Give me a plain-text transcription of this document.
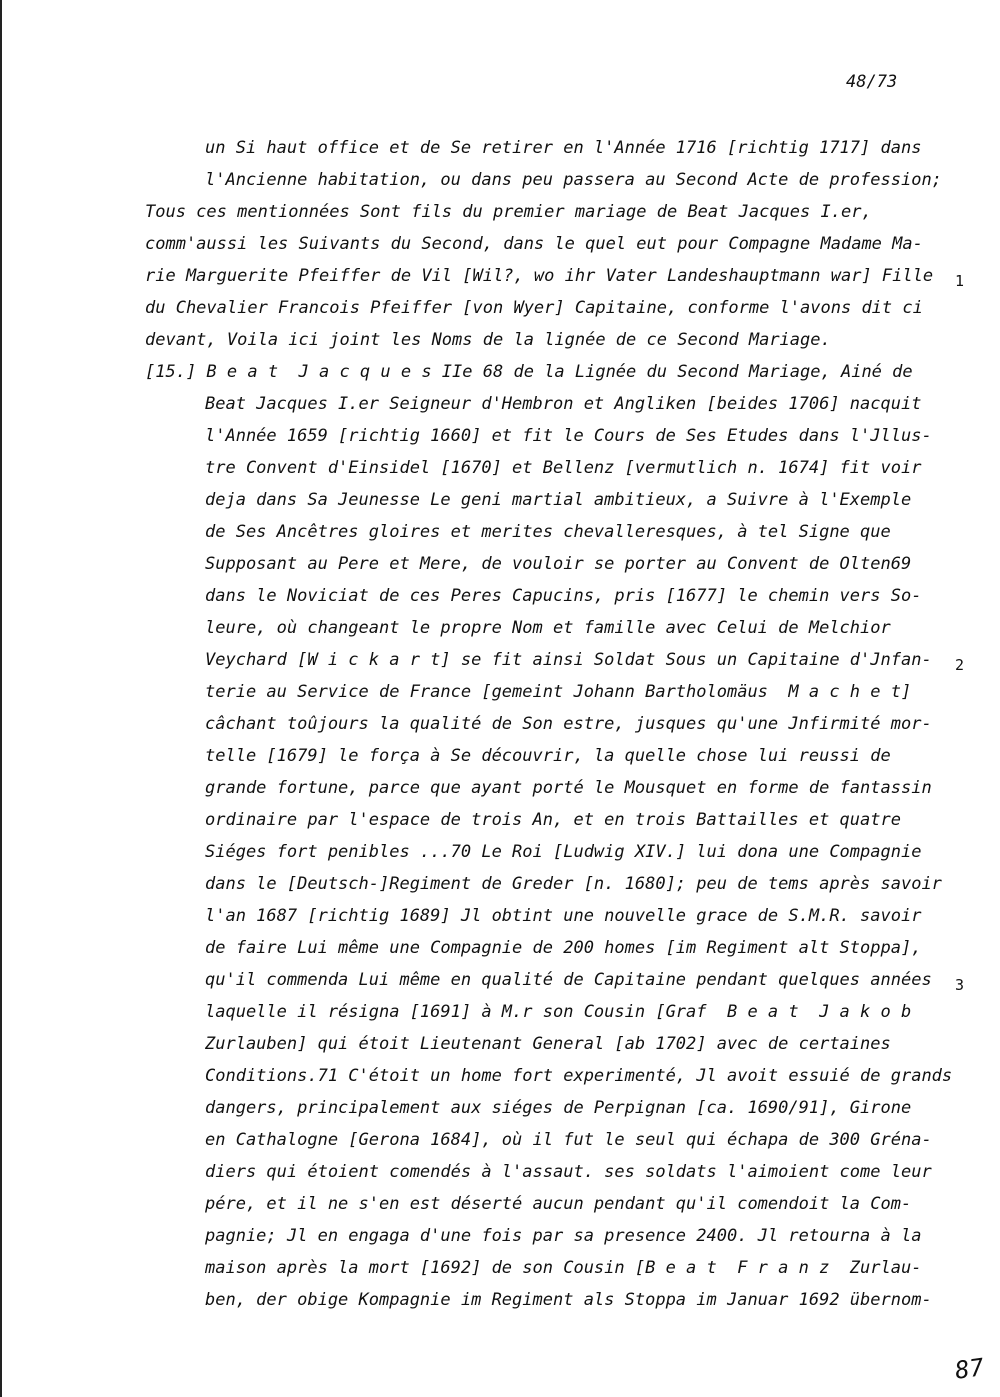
48/73
un Si haut office et de Se retirer en l'Année 1716 [richtig 1717] dans
l'Ancienne habitation, ou dans peu passera au Second Acte de profession;
Tous ces mentionnées Sont fils du premier mariage de Beat Jacques I.er,
comm'aussi les Suivants du Second, dans le quel eut pour Compagne Madame Ma-
rie Marguerite Pfeiffer de Vil [Wil?, wo ihr Vater Landeshauptmann war] Fille
du Chevalier Francois Pfeiffer [von Wyer] Capitaine, conforme l'avons dit ci
devant, Voila ici joint les Noms de la lignée de ce Second Mariage.
[15.] B e a t  J a c q u e s IIe 68 de la Lignée du Second Mariage, Ainé de
Beat Jacques I.er Seigneur d'Hembron et Angliken [beides 1706] nacquit
l'Année 1659 [richtig 1660] et fit le Cours de Ses Etudes dans l'Jllus-
tre Convent d'Einsidel [1670] et Bellenz [vermutlich n. 1674] fit voir
deja dans Sa Jeunesse Le geni martial ambitieux, a Suivre à l'Exemple
de Ses Ancêtres gloires et merites chevalleresques, à tel Signe que
Supposant au Pere et Mere, de vouloir se porter au Convent de Olten69
dans le Noviciat de ces Peres Capucins, pris [1677] le chemin vers So-
leure, où changeant le propre Nom et famille avec Celui de Melchior
Veychard [W i c k a r t] se fit ainsi Soldat Sous un Capitaine d'Jnfan-
terie au Service de France [gemeint Johann Bartholomäus  M a c h e t]
câchant toûjours la qualité de Son estre, jusques qu'une Jnfirmité mor-
telle [1679] le força à Se découvrir, la quelle chose lui reussi de
grande fortune, parce que ayant porté le Mousquet en forme de fantassin
ordinaire par l'espace de trois An, et en trois Battailles et quatre
Siéges fort penibles ...70 Le Roi [Ludwig XIV.] lui dona une Compagnie
dans le [Deutsch-]Regiment de Greder [n. 1680]; peu de tems après savoir
l'an 1687 [richtig 1689] Jl obtint une nouvelle grace de S.M.R. savoir
de faire Lui même une Compagnie de 200 homes [im Regiment alt Stoppa],
qu'il commenda Lui même en qualité de Capitaine pendant quelques années
laquelle il résigna [1691] à M.r son Cousin [Graf  B e a t  J a k o b
Zurlauben] qui étoit Lieutenant General [ab 1702] avec de certaines
Conditions.71 C'étoit un home fort experimenté, Jl avoit essuié de grands
dangers, principalement aux siéges de Perpignan [ca. 1690/91], Girone
en Cathalogne [Gerona 1684], où il fut le seul qui échapa de 300 Gréna-
diers qui étoient comendés à l'assaut. ses soldats l'aimoient come leur
pére, et il ne s'en est déserté aucun pendant qu'il comendoit la Com-
pagnie; Jl en engaga d'une fois par sa presence 2400. Jl retourna à la
maison après la mort [1692] de son Cousin [B e a t  F r a n z  Zurlau-
ben, der obige Kompagnie im Regiment als Stoppa im Januar 1692 übernom-
1
2
3
87
